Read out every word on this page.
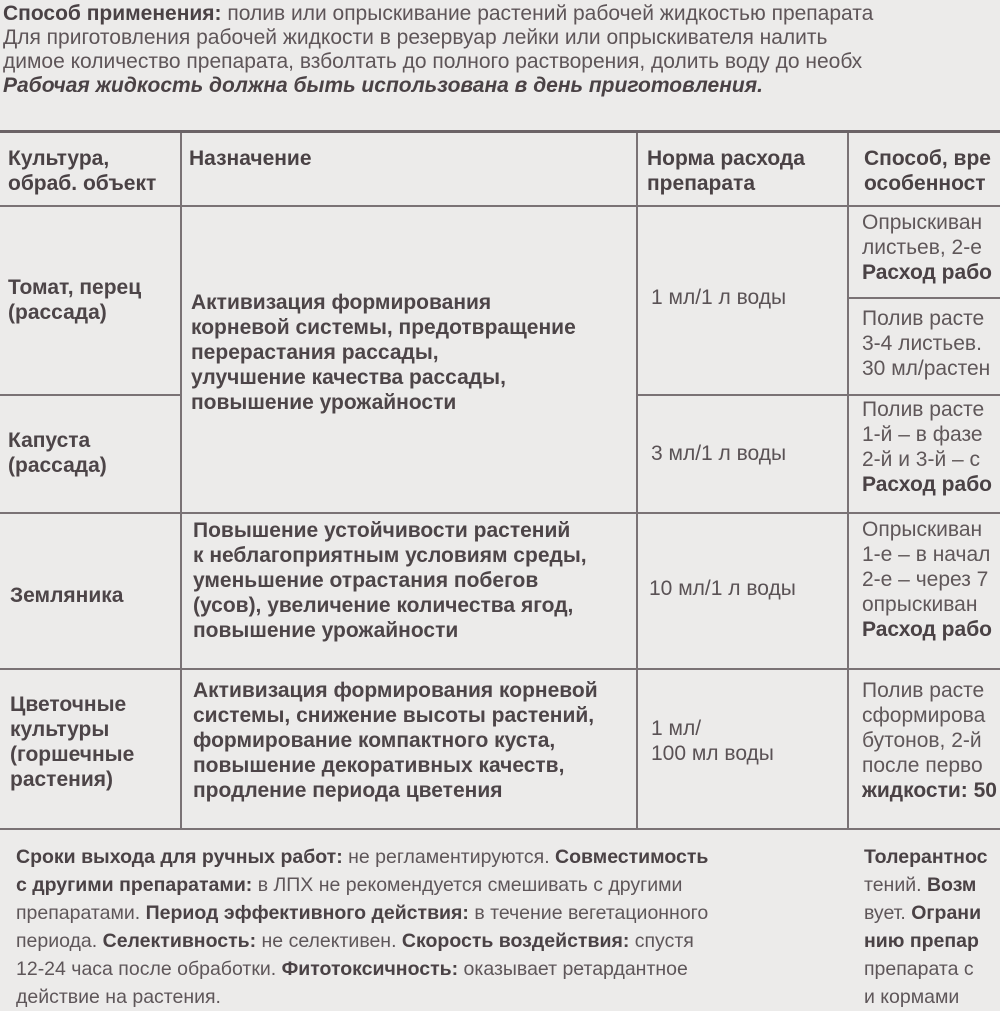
Способ применения: полив или опрыскивание растений рабочей жидкостью препарата
Для приготовления рабочей жидкости в резервуар лейки или опрыскивателя налить
димое количество препарата, взболтать до полного растворения, долить воду до необх
Рабочая жидкость должна быть использована в день приготовления.
Культура,
обраб. объект
Назначение	Норма расхода
препарата
Способ, вре
особенност
Томат, перец
(рассада)
1 мл/1 л воды
Опрыскиван
листьев, 2-е
Расход рабо
Полив расте
3-4 листьев.
30 мл/растен
Активизация формирования
корневой системы, предотвращение
перерастания рассады,
улучшение качества рассады,
повышение урожайности
Капуста
(рассада)
3 мл/1 л воды
Полив расте
1-й – в фазе
2-й и 3-й – с
Расход рабо
Земляника
Повышение устойчивости растений
к неблагоприятным условиям среды,
уменьшение отрастания побегов
(усов), увеличение количества ягод,
повышение урожайности
10 мл/1 л воды
Опрыскиван
1-е – в начал
2-е – через 7
опрыскиван
Расход рабо
Цветочные
культуры
(горшечные
растения)
Активизация формирования корневой
системы, снижение высоты растений,
формирование компактного куста,
повышение декоративных качеств,
продление периода цветения
1 мл/
100 мл воды
Полив расте
сформирова
бутонов, 2-й
после перво
жидкости: 50
Сроки выхода для ручных работ: не регламентируются. Совместимость
с другими препаратами: в ЛПХ не рекомендуется смешивать с другими
препаратами. Период эффективного действия: в течение вегетационного
периода. Селективность: не селективен. Скорость воздействия: спустя
12-24 часа после обработки. Фитотоксичность: оказывает ретардантное
действие на растения.
Толерантнос
тений. Возм
вует. Ограни
нию препар
препарата с
и кормами
